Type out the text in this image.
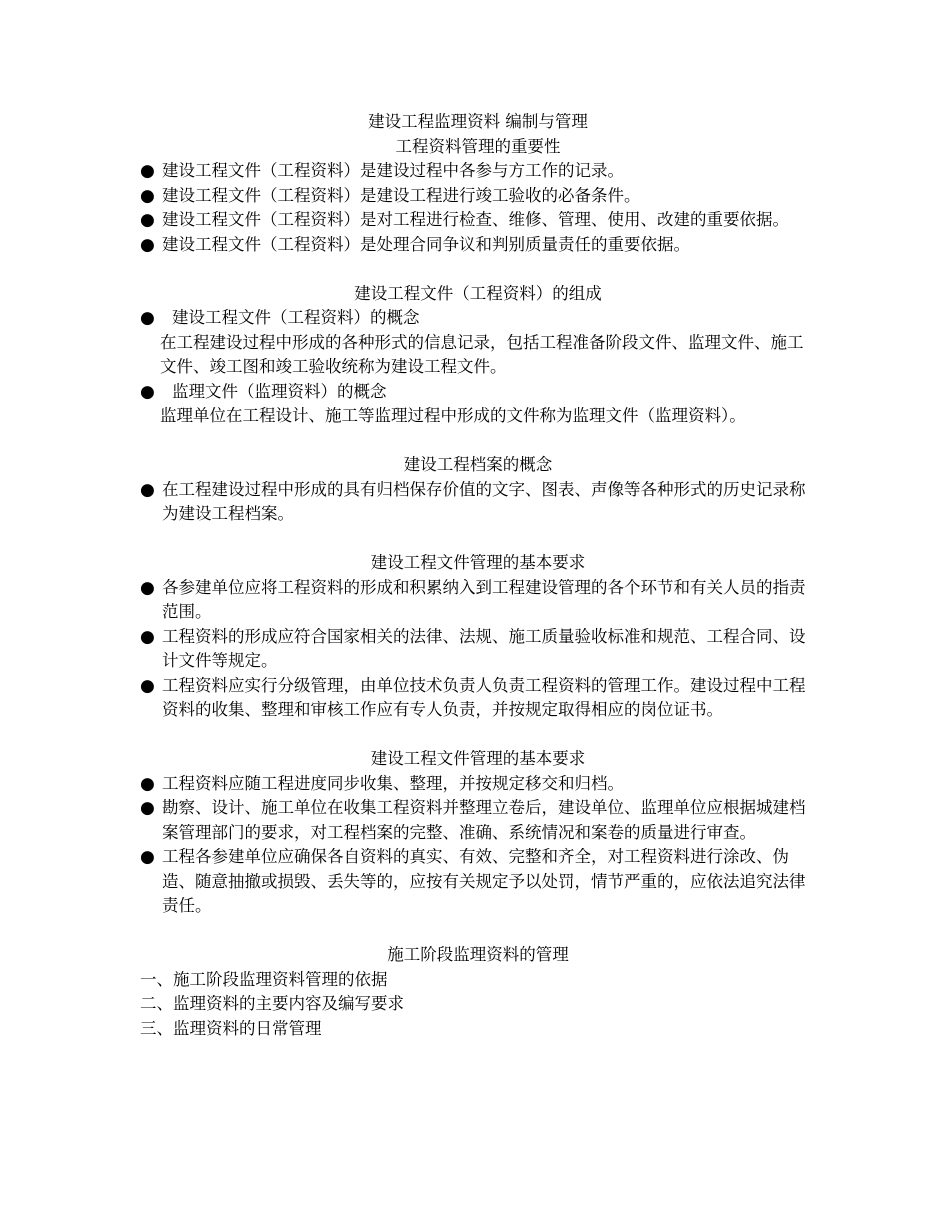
建设工程监理资料 编制与管理
工程资料管理的重要性
● 建设工程文件（工程资料）是建设过程中各参与方工作的记录。
● 建设工程文件（工程资料）是建设工程进行竣工验收的必备条件。
● 建设工程文件（工程资料）是对工程进行检查、维修、管理、使用、改建的重要依据。
● 建设工程文件（工程资料）是处理合同争议和判别质量责任的重要依据。
建设工程文件（工程资料）的组成
● 建设工程文件（工程资料）的概念
在工程建设过程中形成的各种形式的信息记录，包括工程准备阶段文件、监理文件、施工文件、竣工图和竣工验收统称为建设工程文件。
● 监理文件（监理资料）的概念
监理单位在工程设计、施工等监理过程中形成的文件称为监理文件（监理资料）。
建设工程档案的概念
● 在工程建设过程中形成的具有归档保存价值的文字、图表、声像等各种形式的历史记录称为建设工程档案。
建设工程文件管理的基本要求
● 各参建单位应将工程资料的形成和积累纳入到工程建设管理的各个环节和有关人员的指责范围。
● 工程资料的形成应符合国家相关的法律、法规、施工质量验收标准和规范、工程合同、设计文件等规定。
● 工程资料应实行分级管理，由单位技术负责人负责工程资料的管理工作。建设过程中工程资料的收集、整理和审核工作应有专人负责，并按规定取得相应的岗位证书。
建设工程文件管理的基本要求
● 工程资料应随工程进度同步收集、整理，并按规定移交和归档。
● 勘察、设计、施工单位在收集工程资料并整理立卷后，建设单位、监理单位应根据城建档案管理部门的要求，对工程档案的完整、准确、系统情况和案卷的质量进行审查。
● 工程各参建单位应确保各自资料的真实、有效、完整和齐全，对工程资料进行涂改、伪造、随意抽撤或损毁、丢失等的，应按有关规定予以处罚，情节严重的，应依法追究法律责任。
施工阶段监理资料的管理
一、施工阶段监理资料管理的依据
二、监理资料的主要内容及编写要求
三、监理资料的日常管理
